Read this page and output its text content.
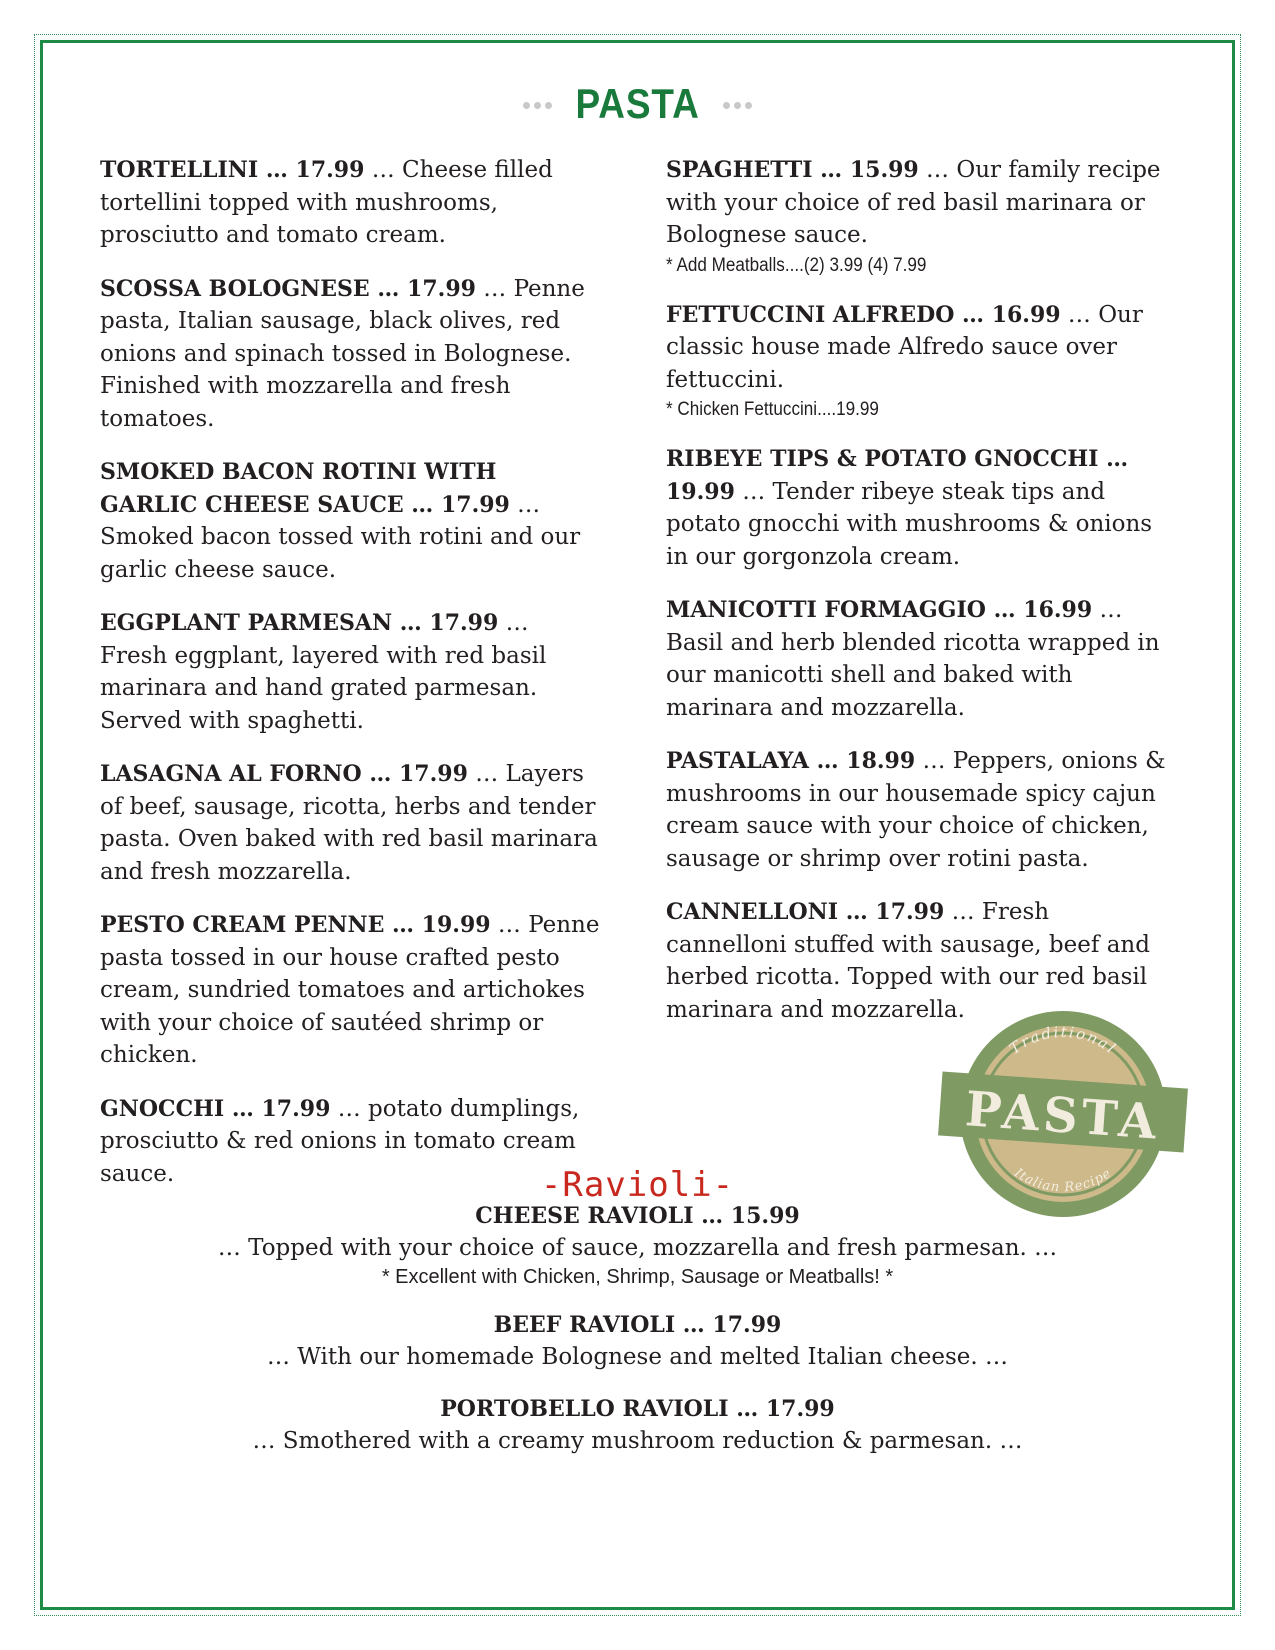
PASTA
TORTELLINI … 17.99 … Cheese filled tortellini topped with mushrooms, prosciutto and tomato cream.
SCOSSA BOLOGNESE … 17.99 … Penne pasta, Italian sausage, black olives, red onions and spinach tossed in Bolognese. Finished with mozzarella and fresh tomatoes.
SMOKED BACON ROTINI WITH GARLIC CHEESE SAUCE … 17.99 … Smoked bacon tossed with rotini and our garlic cheese sauce.
EGGPLANT PARMESAN … 17.99 … Fresh eggplant, layered with red basil marinara and hand grated parmesan. Served with spaghetti.
LASAGNA AL FORNO … 17.99 … Layers of beef, sausage, ricotta, herbs and tender pasta. Oven baked with red basil marinara and fresh mozzarella.
PESTO CREAM PENNE … 19.99 … Penne pasta tossed in our house crafted pesto cream, sundried tomatoes and artichokes with your choice of sautéed shrimp or chicken.
GNOCCHI … 17.99 … potato dumplings, prosciutto & red onions in tomato cream sauce.
SPAGHETTI … 15.99 … Our family recipe with your choice of red basil marinara or Bolognese sauce.
* Add Meatballs....(2) 3.99 (4) 7.99
FETTUCCINI ALFREDO … 16.99 … Our classic house made Alfredo sauce over fettuccini.
* Chicken Fettuccini....19.99
RIBEYE TIPS & POTATO GNOCCHI … 19.99 … Tender ribeye steak tips and potato gnocchi with mushrooms & onions in our gorgonzola cream.
MANICOTTI FORMAGGIO … 16.99 … Basil and herb blended ricotta wrapped in our manicotti shell and baked with marinara and mozzarella.
PASTALAYA … 18.99 … Peppers, onions & mushrooms in our housemade spicy cajun cream sauce with your choice of chicken, sausage or shrimp over rotini pasta.
CANNELLONI … 17.99 … Fresh cannelloni stuffed with sausage, beef and herbed ricotta. Topped with our red basil marinara and mozzarella.
Traditional
PASTA
Italian Recipe
-Ravioli-
CHEESE RAVIOLI … 15.99
… Topped with your choice of sauce, mozzarella and fresh parmesan. …
* Excellent with Chicken, Shrimp, Sausage or Meatballs! *
BEEF RAVIOLI … 17.99
… With our homemade Bolognese and melted Italian cheese. …
PORTOBELLO RAVIOLI … 17.99
… Smothered with a creamy mushroom reduction & parmesan. …
